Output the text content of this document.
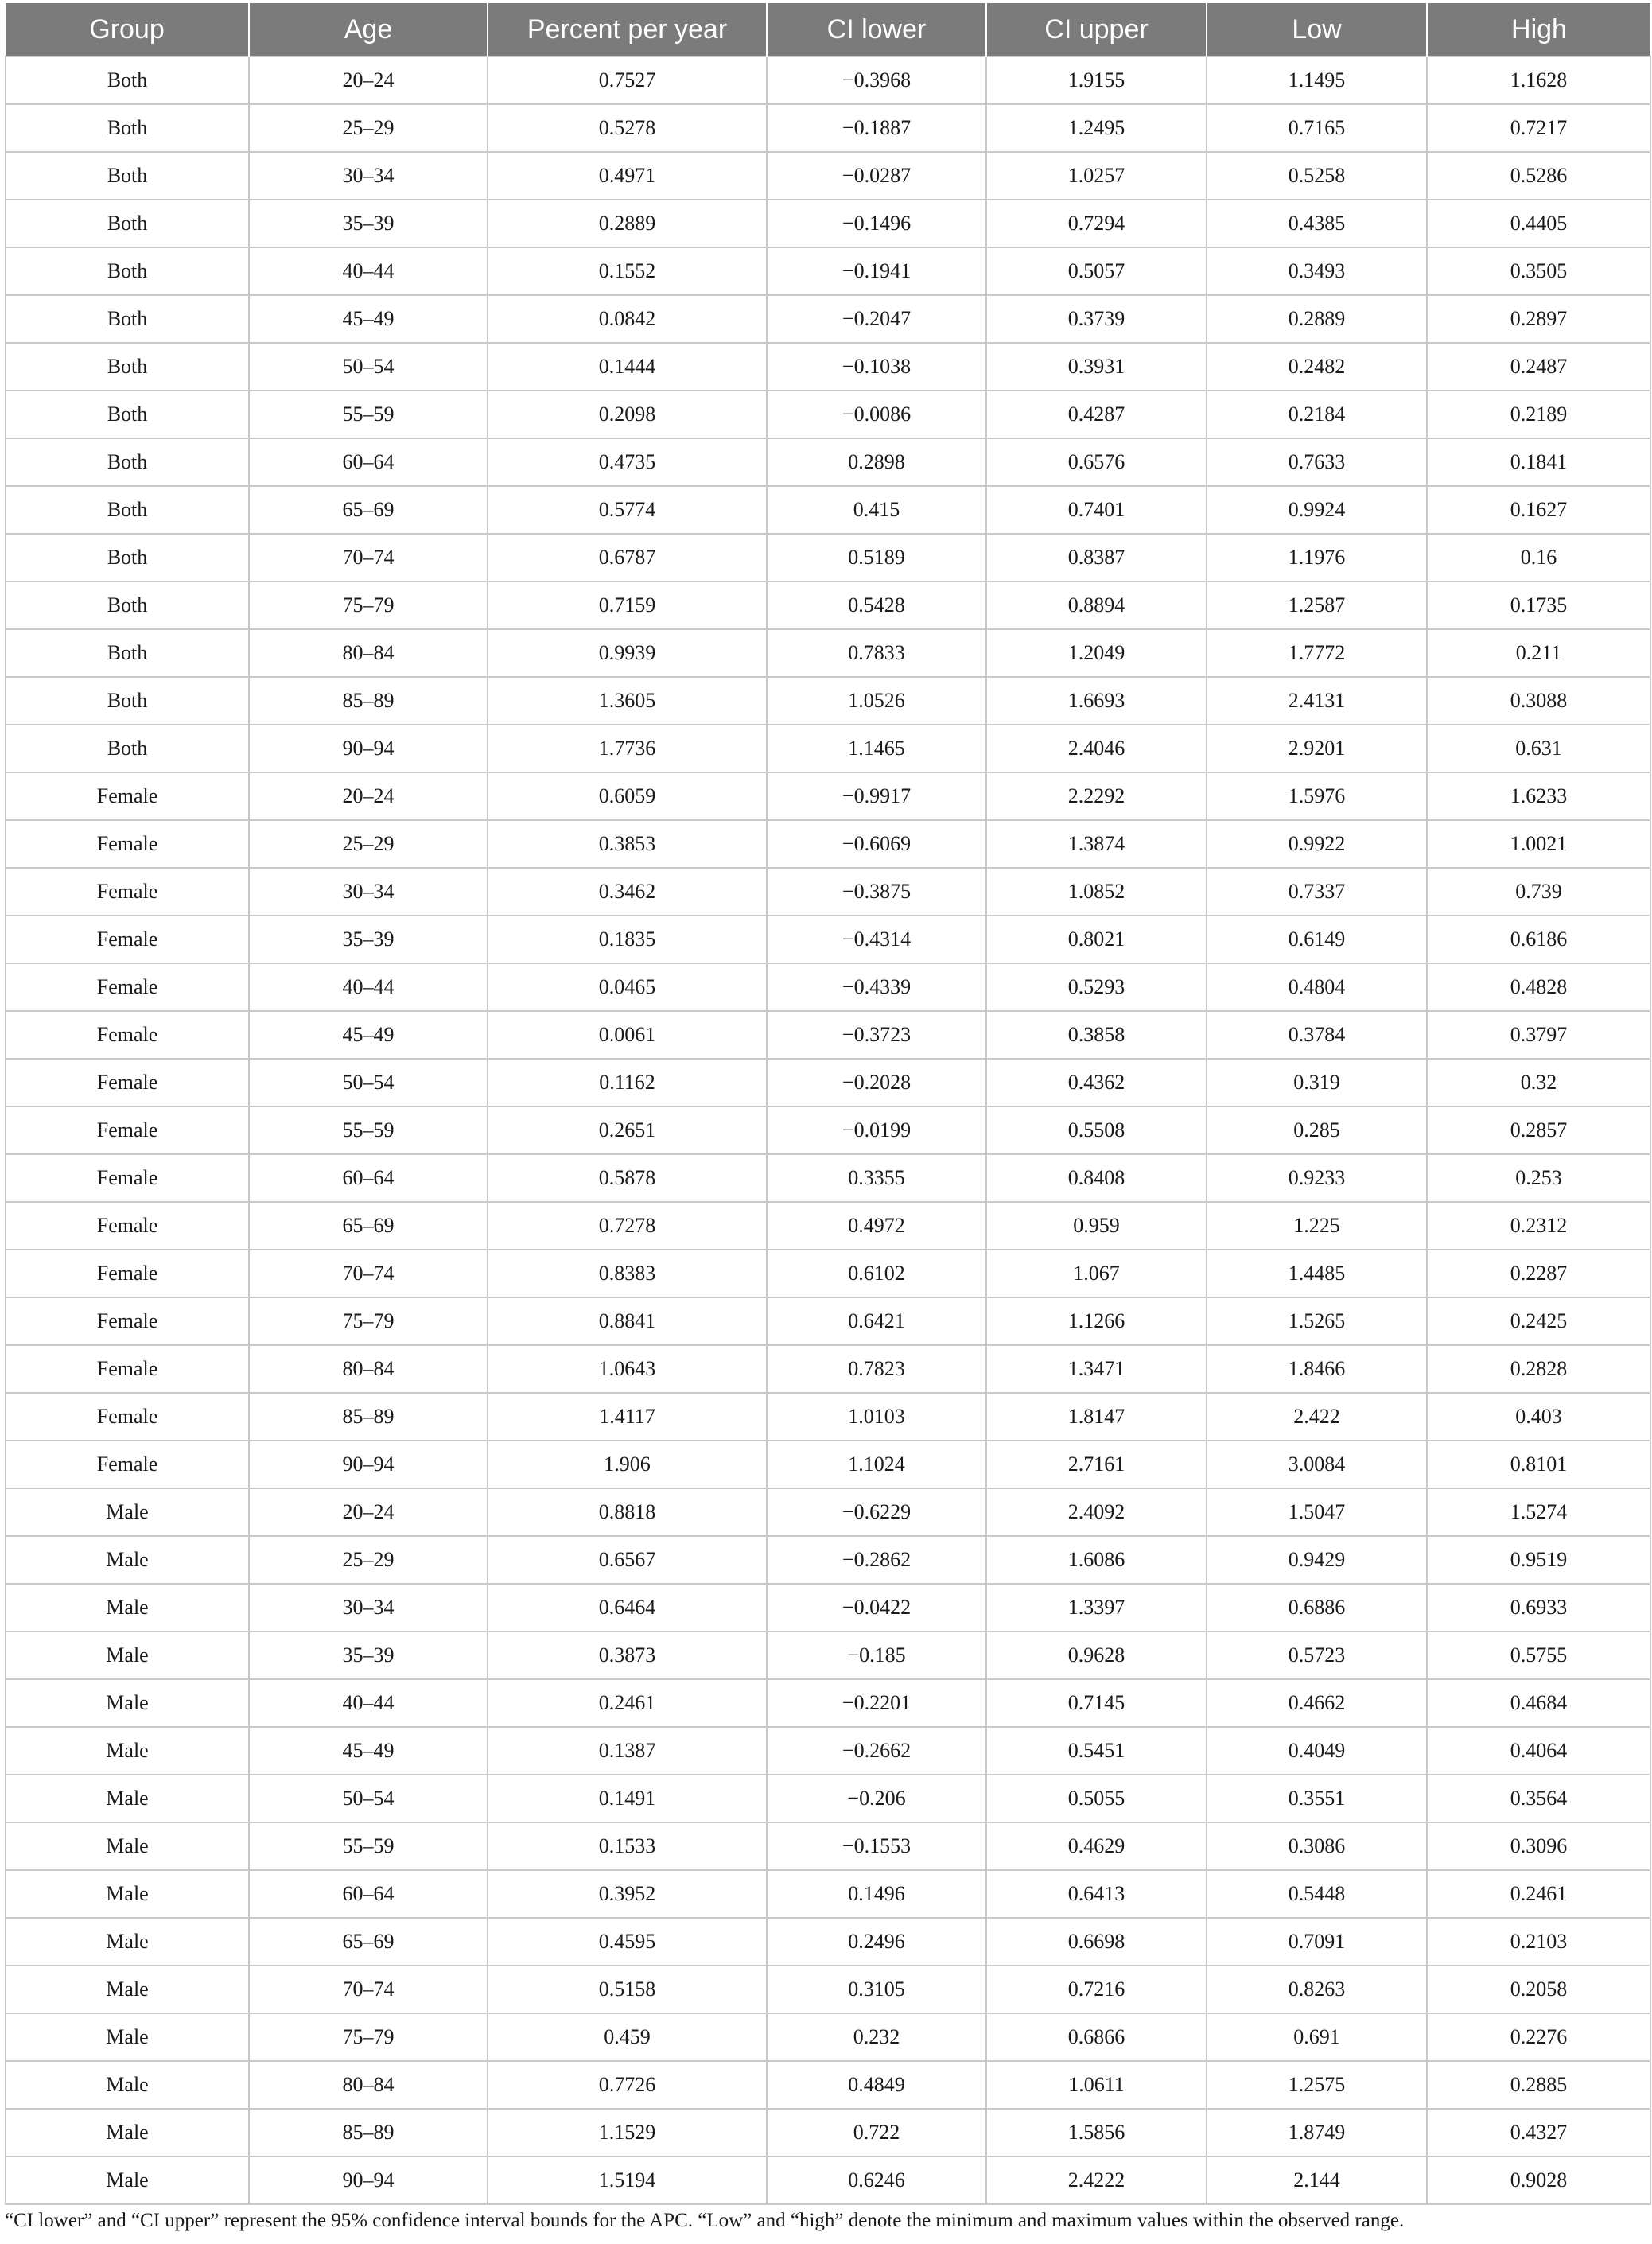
Group	Age	Percent per year	CI lower	CI upper	Low	High
Both	20–24	0.7527	−0.3968	1.9155	1.1495	1.1628
Both	25–29	0.5278	−0.1887	1.2495	0.7165	0.7217
Both	30–34	0.4971	−0.0287	1.0257	0.5258	0.5286
Both	35–39	0.2889	−0.1496	0.7294	0.4385	0.4405
Both	40–44	0.1552	−0.1941	0.5057	0.3493	0.3505
Both	45–49	0.0842	−0.2047	0.3739	0.2889	0.2897
Both	50–54	0.1444	−0.1038	0.3931	0.2482	0.2487
Both	55–59	0.2098	−0.0086	0.4287	0.2184	0.2189
Both	60–64	0.4735	0.2898	0.6576	0.7633	0.1841
Both	65–69	0.5774	0.415	0.7401	0.9924	0.1627
Both	70–74	0.6787	0.5189	0.8387	1.1976	0.16
Both	75–79	0.7159	0.5428	0.8894	1.2587	0.1735
Both	80–84	0.9939	0.7833	1.2049	1.7772	0.211
Both	85–89	1.3605	1.0526	1.6693	2.4131	0.3088
Both	90–94	1.7736	1.1465	2.4046	2.9201	0.631
Female	20–24	0.6059	−0.9917	2.2292	1.5976	1.6233
Female	25–29	0.3853	−0.6069	1.3874	0.9922	1.0021
Female	30–34	0.3462	−0.3875	1.0852	0.7337	0.739
Female	35–39	0.1835	−0.4314	0.8021	0.6149	0.6186
Female	40–44	0.0465	−0.4339	0.5293	0.4804	0.4828
Female	45–49	0.0061	−0.3723	0.3858	0.3784	0.3797
Female	50–54	0.1162	−0.2028	0.4362	0.319	0.32
Female	55–59	0.2651	−0.0199	0.5508	0.285	0.2857
Female	60–64	0.5878	0.3355	0.8408	0.9233	0.253
Female	65–69	0.7278	0.4972	0.959	1.225	0.2312
Female	70–74	0.8383	0.6102	1.067	1.4485	0.2287
Female	75–79	0.8841	0.6421	1.1266	1.5265	0.2425
Female	80–84	1.0643	0.7823	1.3471	1.8466	0.2828
Female	85–89	1.4117	1.0103	1.8147	2.422	0.403
Female	90–94	1.906	1.1024	2.7161	3.0084	0.8101
Male	20–24	0.8818	−0.6229	2.4092	1.5047	1.5274
Male	25–29	0.6567	−0.2862	1.6086	0.9429	0.9519
Male	30–34	0.6464	−0.0422	1.3397	0.6886	0.6933
Male	35–39	0.3873	−0.185	0.9628	0.5723	0.5755
Male	40–44	0.2461	−0.2201	0.7145	0.4662	0.4684
Male	45–49	0.1387	−0.2662	0.5451	0.4049	0.4064
Male	50–54	0.1491	−0.206	0.5055	0.3551	0.3564
Male	55–59	0.1533	−0.1553	0.4629	0.3086	0.3096
Male	60–64	0.3952	0.1496	0.6413	0.5448	0.2461
Male	65–69	0.4595	0.2496	0.6698	0.7091	0.2103
Male	70–74	0.5158	0.3105	0.7216	0.8263	0.2058
Male	75–79	0.459	0.232	0.6866	0.691	0.2276
Male	80–84	0.7726	0.4849	1.0611	1.2575	0.2885
Male	85–89	1.1529	0.722	1.5856	1.8749	0.4327
Male	90–94	1.5194	0.6246	2.4222	2.144	0.9028
“CI lower” and “CI upper” represent the 95% confidence interval bounds for the APC. “Low” and “high” denote the minimum and maximum values within the observed range.
